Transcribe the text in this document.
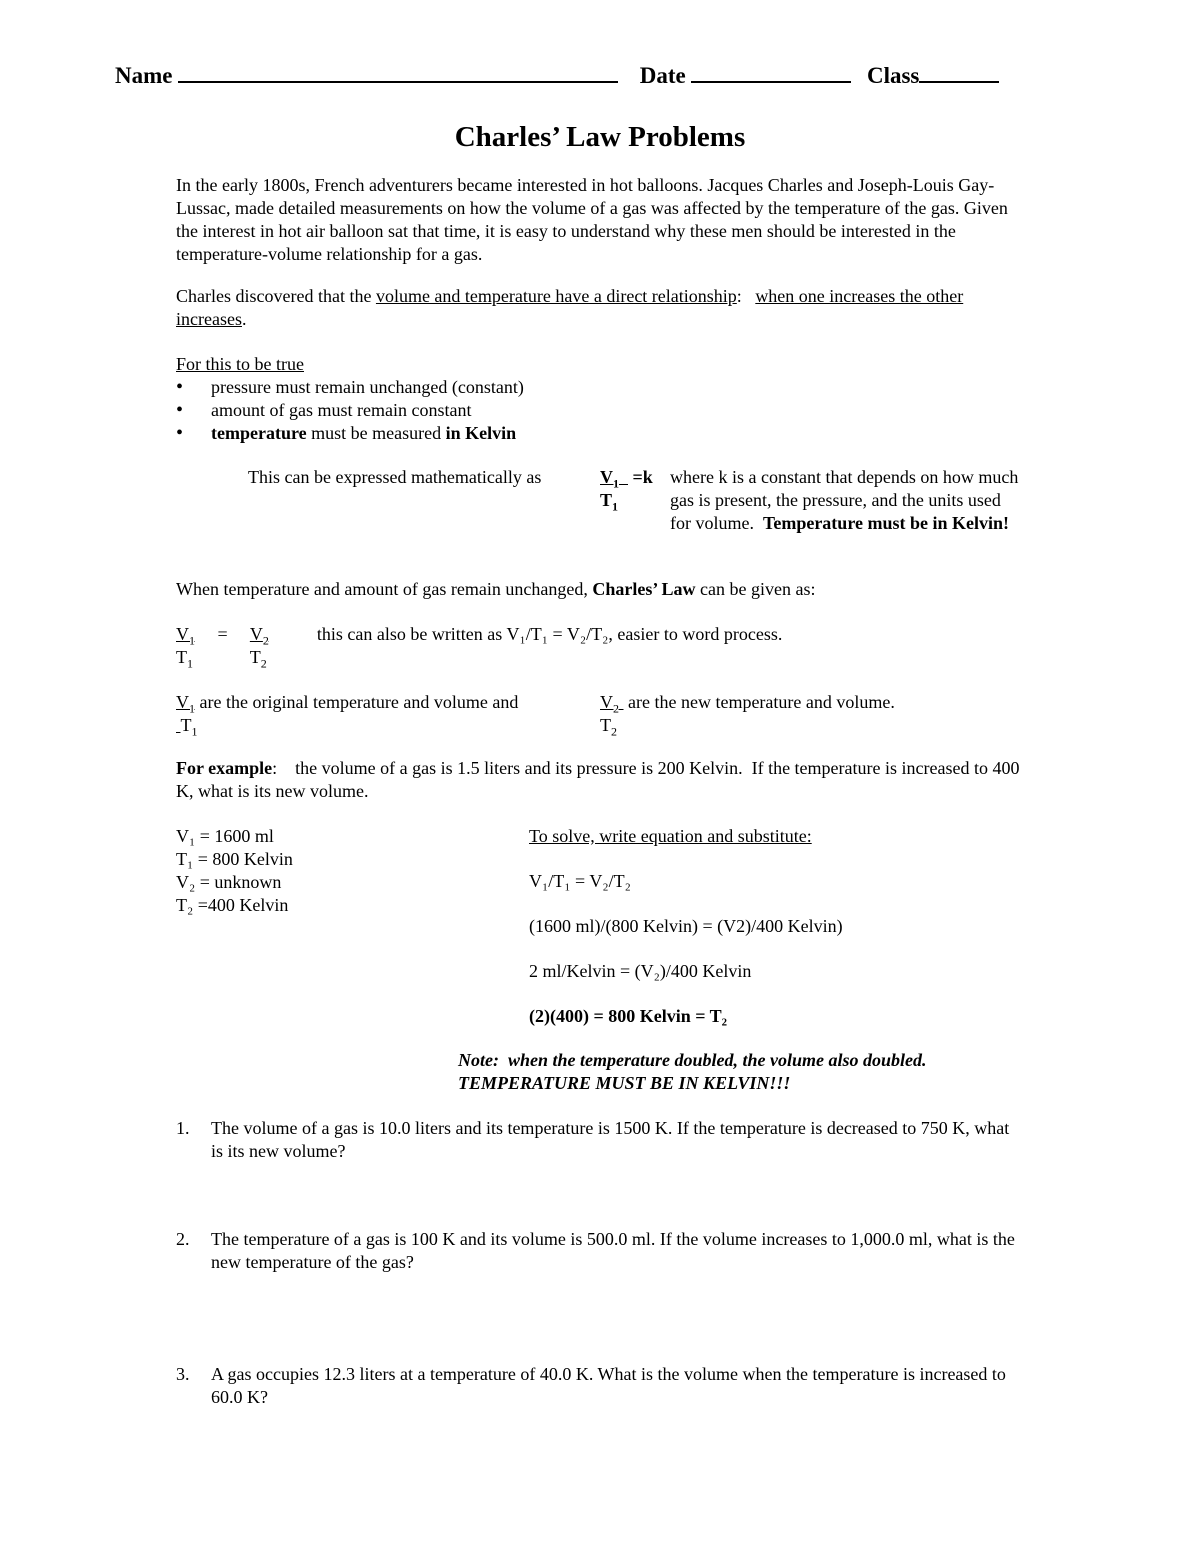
Name	Date	Class
Charles’ Law Problems
In the early 1800s, French adventurers became interested in hot balloons. Jacques Charles and Joseph-Louis Gay-Lussac, made detailed measurements on how the volume of a gas was affected by the temperature of the gas. Given the interest in hot air balloon sat that time, it is easy to understand why these men should be interested in the temperature-volume relationship for a gas.
Charles discovered that the volume and temperature have a direct relationship: when one increases the other increases.
For this to be true
• pressure must remain unchanged (constant)
• amount of gas must remain constant
• temperature must be measured in Kelvin
This can be expressed mathematically as	$V_1 =k$
$T_1$
where k is a constant that depends on how much gas is present, the pressure, and the units used for volume. Temperature must be in Kelvin!
When temperature and amount of gas remain unchanged, Charles’ Law can be given as:
$V_1 = V_2$	this can also be written as V₁/T₁ = V₂/T₂, easier to word process.
$T_1$	$T_2$
$V_1$ are the original temperature and volume and
$T_1$
$V_2$  are the new temperature and volume.
$T_2$
For example:    the volume of a gas is 1.5 liters and its pressure is 200 Kelvin.  If the temperature is increased to 400 K, what is its new volume.
V₁ = 1600 ml
T₁ = 800 Kelvin
V₂ = unknown
T₂ =400 Kelvin
To solve, write equation and substitute:
V₁/T₁ = V₂/T₂
(1600 ml)/(800 Kelvin) = (V2)/400 Kelvin)
2 ml/Kelvin = (V₂)/400 Kelvin
(2)(400) = 800 Kelvin = T₂
Note:  when the temperature doubled, the volume also doubled.
TEMPERATURE MUST BE IN KELVIN!!!
1. The volume of a gas is 10.0 liters and its temperature is 1500 K. If the temperature is decreased to 750 K, what is its new volume?
2. The temperature of a gas is 100 K and its volume is 500.0 ml. If the volume increases to 1,000.0 ml, what is the new temperature of the gas?
3. A gas occupies 12.3 liters at a temperature of 40.0 K. What is the volume when the temperature is increased to 60.0 K?
